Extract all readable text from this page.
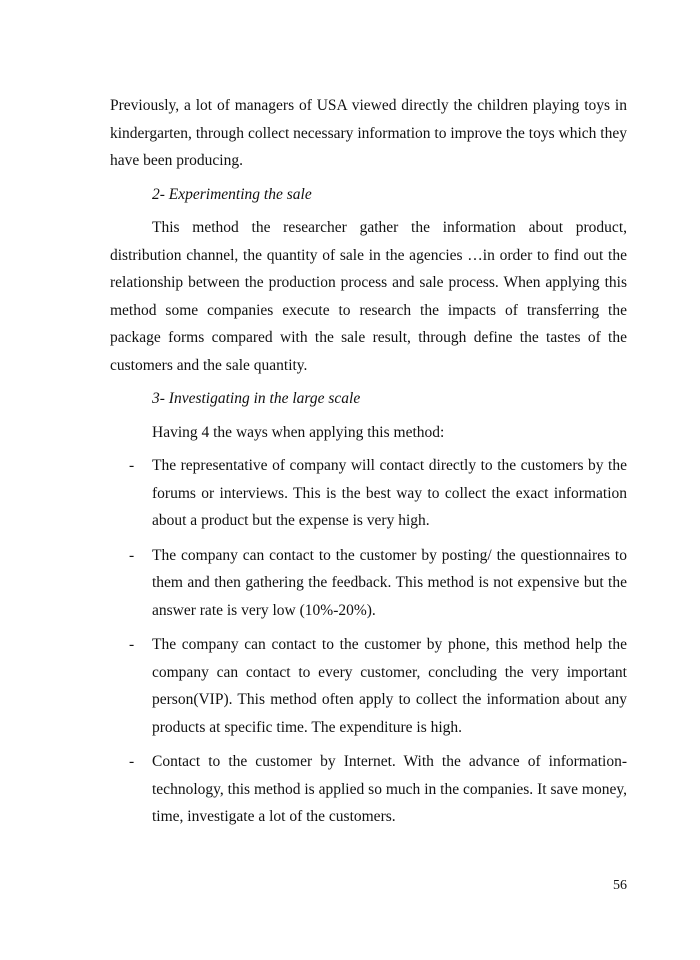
Previously, a lot of managers of USA viewed directly the children playing toys in kindergarten, through collect necessary information to improve the toys which they have been producing.

2- Experimenting the sale

This method the researcher gather the information about product, distribution channel, the quantity of sale in the agencies …in order to find out the relationship between the production process and sale process. When applying this method some companies execute to research the impacts of transferring the package forms compared with the sale result, through define the tastes of the customers and the sale quantity.

3- Investigating in the large scale

Having 4 the ways when applying this method:

- The representative of company will contact directly to the customers by the forums or interviews. This is the best way to collect the exact information about a product but the expense is very high.
- The company can contact to the customer by posting/ the questionnaires to them and then gathering the feedback. This method is not expensive but the answer rate is very low (10%-20%).
- The company can contact to the customer by phone, this method help the company can contact to every customer, concluding the very important person(VIP). This method often apply to collect the information about any products at specific time. The expenditure is high.
- Contact to the customer by Internet. With the advance of information-technology, this method is applied so much in the companies. It save money, time, investigate a lot of the customers.
56
